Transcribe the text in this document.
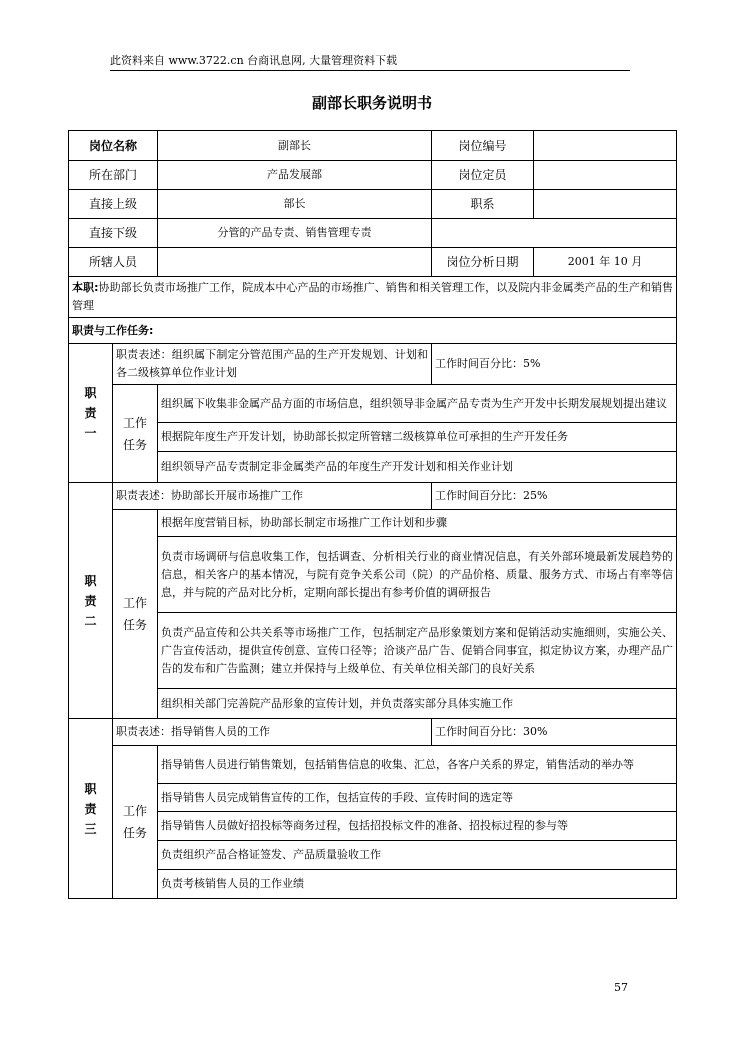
此资料来自 www.3722.cn 台商讯息网, 大量管理资料下载
副部长职务说明书
岗位名称		副部长	岗位编号	
所在部门		产品发展部	岗位定员	
直接上级		部长	职系	
直接下级		分管的产品专责、销售管理专责		
所辖人员			岗位分析日期	2001 年 10 月
本职:协助部长负责市场推广工作，院成本中心产品的市场推广、销售和相关管理工作，以及院内非金属类产品的生产和销售管理				
职责与工作任务:				
职
责
一	职责表述：组织属下制定分管范围产品的生产开发规划、计划和各二级核算单位作业计划		工作时间百分比：5%	

	工作
任务	组织属下收集非金属产品方面的市场信息，组织领导非金属产品专责为生产开发中长期发展规划提出建议		
		根据院年度生产开发计划，协助部长拟定所管辖二级核算单位可承担的生产开发任务		
		组织领导产品专责制定非金属类产品的年度生产开发计划和相关作业计划		
职
责
二	职责表述：协助部长开展市场推广工作		工作时间百分比：25%	

	工作
任务	根据年度营销目标，协助部长制定市场推广工作计划和步骤		
		负责市场调研与信息收集工作，包括调查、分析相关行业的商业情况信息，有关外部环境最新发展趋势的信息，相关客户的基本情况，与院有竞争关系公司（院）的产品价格、质量、服务方式、市场占有率等信息，并与院的产品对比分析，定期向部长提出有参考价值的调研报告		
		负责产品宣传和公共关系等市场推广工作，包括制定产品形象策划方案和促销活动实施细则，实施公关、广告宣传活动，提供宣传创意、宣传口径等；洽谈产品广告、促销合同事宜，拟定协议方案，办理产品广告的发布和广告监测；建立并保持与上级单位、有关单位相关部门的良好关系		
		组织相关部门完善院产品形象的宣传计划，并负责落实部分具体实施工作		
职
责
三	职责表述：指导销售人员的工作		工作时间百分比：30%	

	工作
任务	指导销售人员进行销售策划，包括销售信息的收集、汇总，各客户关系的界定，销售活动的举办等		
		指导销售人员完成销售宣传的工作，包括宣传的手段、宣传时间的选定等		
		指导销售人员做好招投标等商务过程，包括招投标文件的准备、招投标过程的参与等		
		负责组织产品合格证签发、产品质量验收工作		
		负责考核销售人员的工作业绩		
57
